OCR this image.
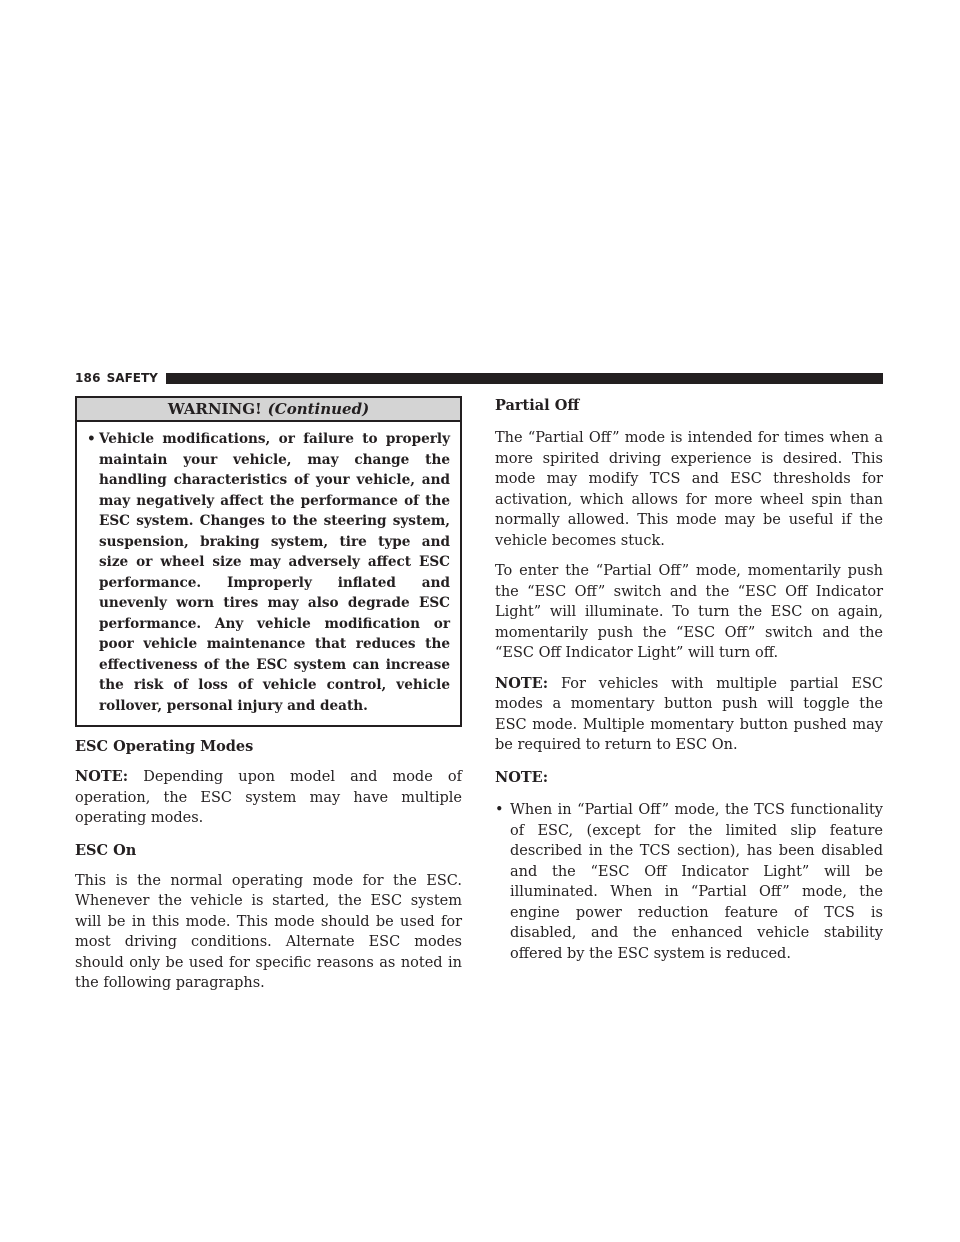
186 SAFETY
WARNING! (Continued)
• Vehicle modifications, or failure to properly maintain your vehicle, may change the handling characteristics of your vehicle, and may negatively affect the performance of the ESC system. Changes to the steering system, suspension, braking system, tire type and size or wheel size may adversely affect ESC performance. Improperly inflated and unevenly worn tires may also degrade ESC performance. Any vehicle modification or poor vehicle maintenance that reduces the effectiveness of the ESC system can increase the risk of loss of vehicle control, vehicle rollover, personal injury and death.
ESC Operating Modes

NOTE: Depending upon model and mode of operation, the ESC system may have multiple operating modes.

ESC On

This is the normal operating mode for the ESC. Whenever the vehicle is started, the ESC system will be in this mode. This mode should be used for most driving conditions. Alternate ESC modes should only be used for specific reasons as noted in the following paragraphs.

Partial Off

The “Partial Off” mode is intended for times when a more spirited driving experience is desired. This mode may modify TCS and ESC thresholds for activation, which allows for more wheel spin than normally allowed. This mode may be useful if the vehicle becomes stuck.

To enter the “Partial Off” mode, momentarily push the “ESC Off” switch and the “ESC Off Indicator Light” will illuminate. To turn the ESC on again, momentarily push the “ESC Off” switch and the “ESC Off Indicator Light” will turn off.

NOTE: For vehicles with multiple partial ESC modes a momentary button push will toggle the ESC mode. Multiple momentary button pushed may be required to return to ESC On.

NOTE:

• When in “Partial Off” mode, the TCS functionality of ESC, (except for the limited slip feature described in the TCS section), has been disabled and the “ESC Off Indicator Light” will be illuminated. When in “Partial Off” mode, the engine power reduction feature of TCS is disabled, and the enhanced vehicle stability offered by the ESC system is reduced.
